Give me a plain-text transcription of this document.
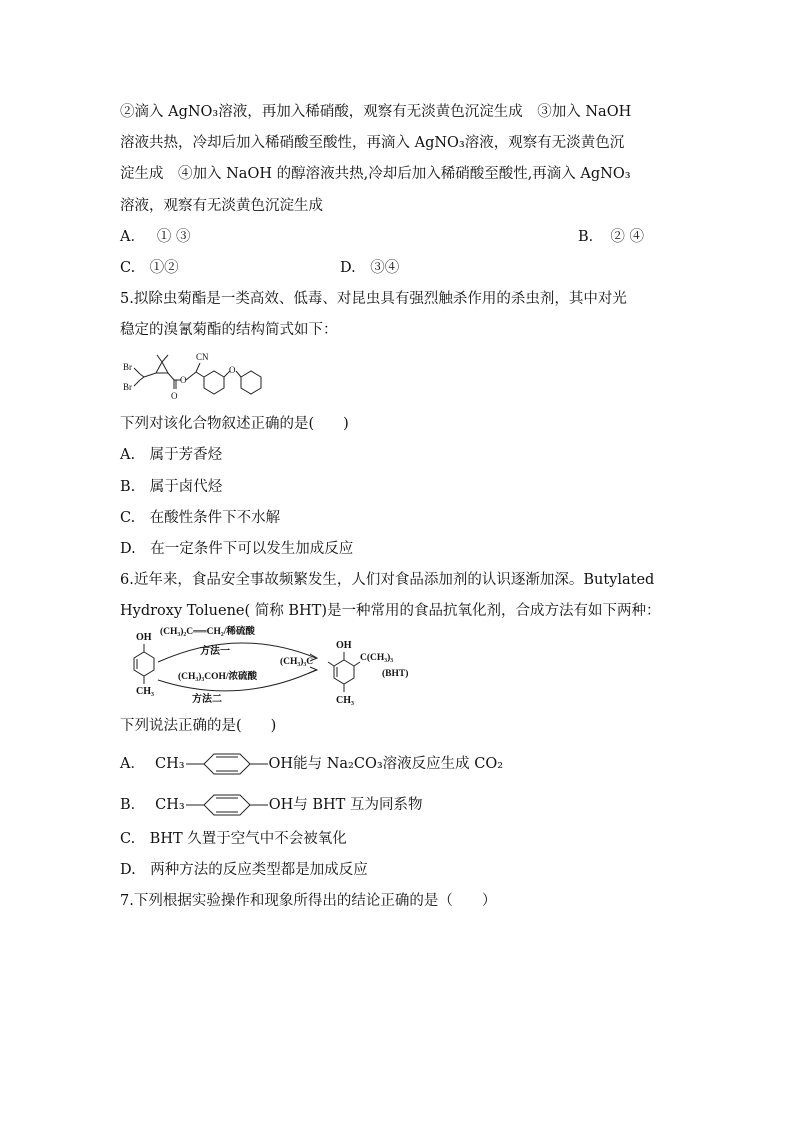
②滴入 AgNO₃溶液，再加入稀硝酸，观察有无淡黄色沉淀生成　③加入 NaOH
溶液共热，冷却后加入稀硝酸至酸性，再滴入 AgNO₃溶液，观察有无淡黄色沉
淀生成　④加入 NaOH 的醇溶液共热,冷却后加入稀硝酸至酸性,再滴入 AgNO₃
溶液，观察有无淡黄色沉淀生成
A．　 ① ③	B．　② ④
C.　①②	D.　③④
5.拟除虫菊酯是一类高效、低毒、对昆虫具有强烈触杀作用的杀虫剂，其中对光
稳定的溴氰菊酯的结构简式如下：
Br
Br
CN
O
O
O
下列对该化合物叙述正确的是(　　)
A.　属于芳香烃
B.　属于卤代烃
C.　在酸性条件下不水解
D.　在一定条件下可以发生加成反应
6.近年来，食品安全事故频繁发生，人们对食品添加剂的认识逐渐加深。Butylated
Hydroxy Toluene( 简称 BHT)是一种常用的食品抗氧化剂，合成方法有如下两种：
OH
CH₃
(CH₃)₂C══CH₂/稀硫酸
方法一
(CH₃)₃COH/浓硫酸
方法二
(CH₃)₃C
OH
C(CH₃)₃
CH₃
(BHT)
下列说法正确的是(　　)
A． CH₃	OH 能与 Na₂CO₃溶液反应生成 CO₂
B． CH₃	OH 与 BHT 互为同系物
C.　BHT 久置于空气中不会被氧化
D.　两种方法的反应类型都是加成反应
7.下列根据实验操作和现象所得出的结论正确的是（　　）
